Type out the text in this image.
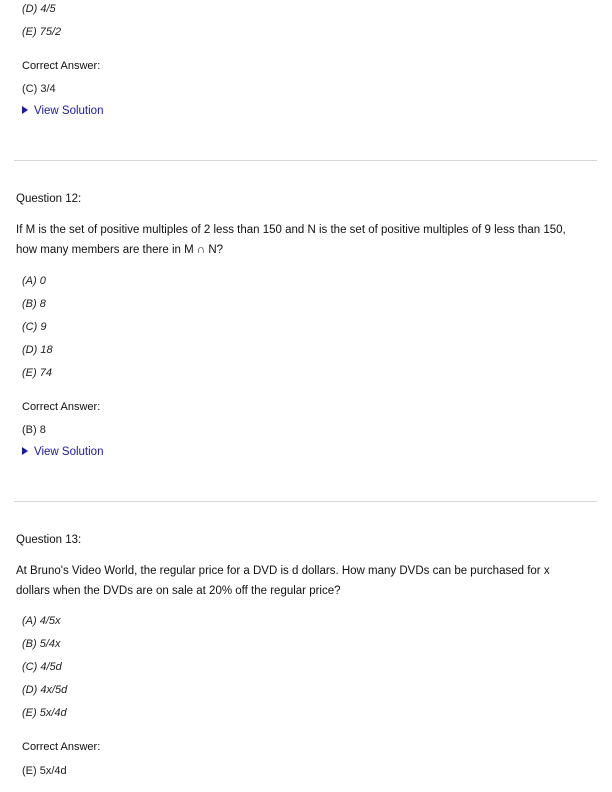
(D) 4/5
(E) 75/2
Correct Answer:
(C) 3/4
View Solution
Question 12:
If M is the set of positive multiples of 2 less than 150 and N is the set of positive multiples of 9 less than 150,
how many members are there in M ∩ N?
(A) 0
(B) 8
(C) 9
(D) 18
(E) 74
Correct Answer:
(B) 8
View Solution
Question 13:
At Bruno's Video World, the regular price for a DVD is d dollars. How many DVDs can be purchased for x
dollars when the DVDs are on sale at 20% off the regular price?
(A) 4/5x
(B) 5/4x
(C) 4/5d
(D) 4x/5d
(E) 5x/4d
Correct Answer:
(E) 5x/4d
